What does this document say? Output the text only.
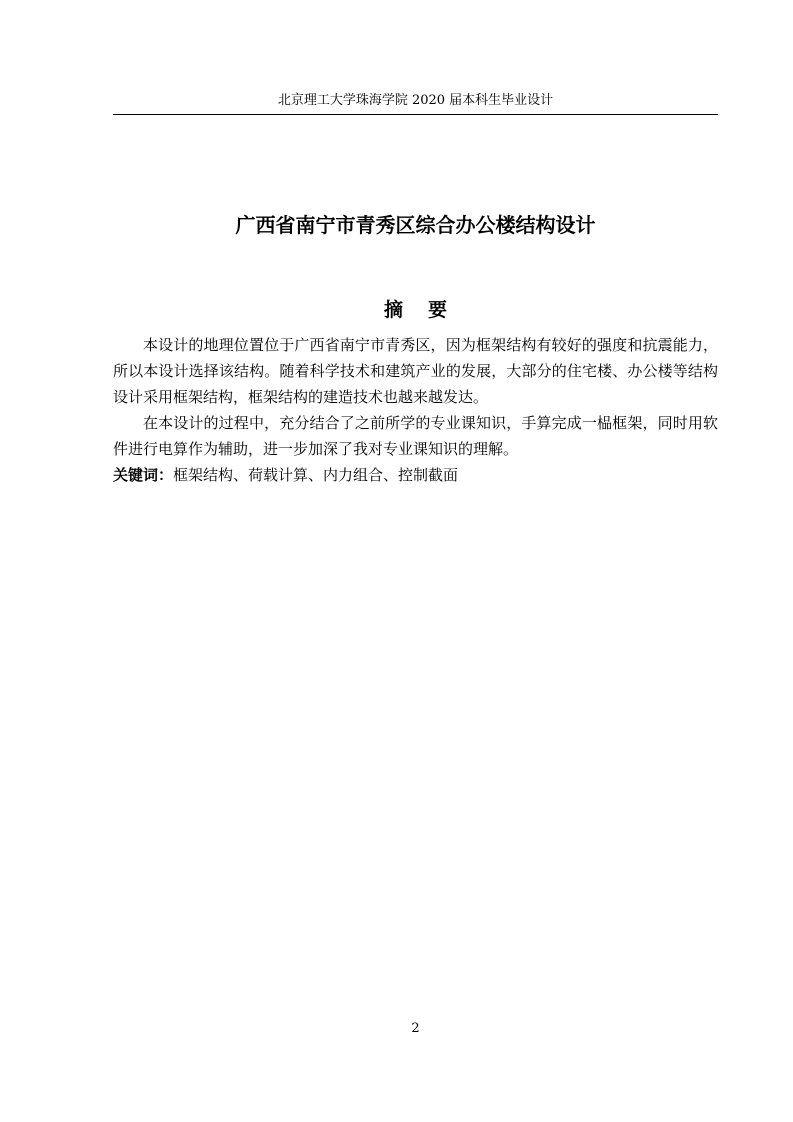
北京理工大学珠海学院 2020 届本科生毕业设计
广西省南宁市青秀区综合办公楼结构设计
摘要

本设计的地理位置位于广西省南宁市青秀区，因为框架结构有较好的强度和抗震能力，所以本设计选择该结构。随着科学技术和建筑产业的发展，大部分的住宅楼、办公楼等结构设计采用框架结构，框架结构的建造技术也越来越发达。

在本设计的过程中，充分结合了之前所学的专业课知识，手算完成一榀框架，同时用软件进行电算作为辅助，进一步加深了我对专业课知识的理解。

关键词：框架结构、荷载计算、内力组合、控制截面
2
